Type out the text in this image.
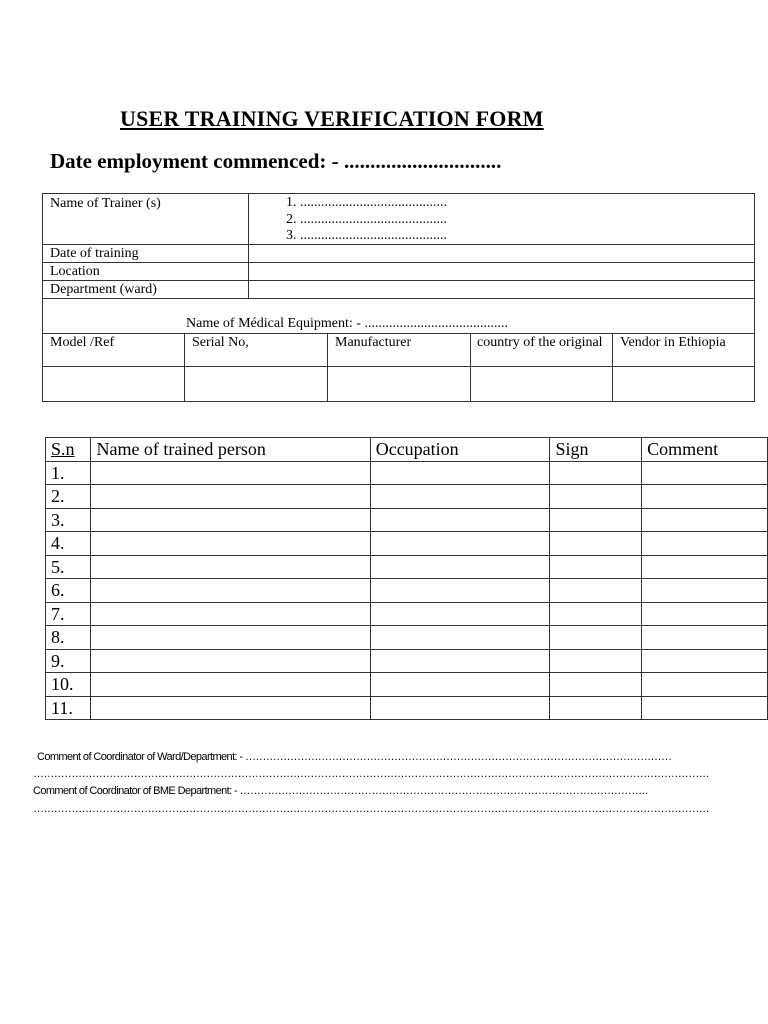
USER TRAINING VERIFICATION FORM
Date employment commenced: - ..............................
Name of Trainer (s)	1. ..........................................
2. ..........................................
3. ..........................................
Date of training
Location
Department (ward)
Name of Médical Equipment: - .........................................
Model /Ref	Serial No,	Manufacturer	country of the original	Vendor in Ethiopia
S.n	Name of trained person	Occupation	Sign	Comment
1.				
2.				
3.				
4.				
5.				
6.				
7.				
8.				
9.				
10.				
11.				
Comment of Coordinator of Ward/Department: - ……………………………………………………………………………………………………………
……………………………………………………………………………………………………………………………………………………………………………
Comment of Coordinator of BME Department: - ……………………………………………………………………………………………………….
……………………………………………………………………………………………………………………………………………………………………………
